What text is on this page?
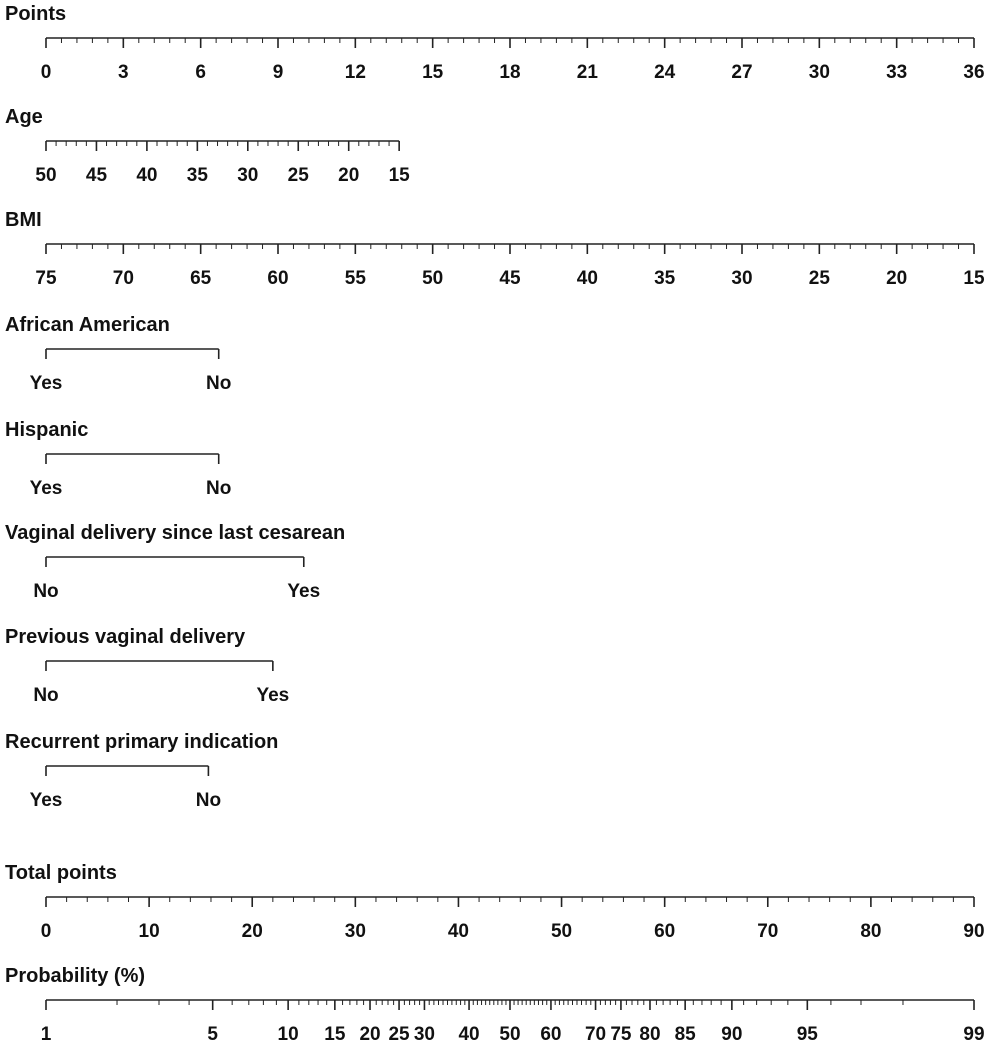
Points
0	3	6	9	12	15	18	21	24	27	30	33	36
Age
50 45 40 35 30 25 20 15
BMI
75	70	65	60	55	50	45	40	35	30	25	20	15
African American
Yes	No
Hispanic
Yes	No
Vaginal delivery since last cesarean
No	Yes
Previous vaginal delivery
No	Yes
Recurrent primary indication
Yes	No
Total points
0	10	20	30	40	50	60	70	80	90
Probability (%)
1	5	10 15 20 25 30 40 50 60 70 75 80 85 90	95	99
